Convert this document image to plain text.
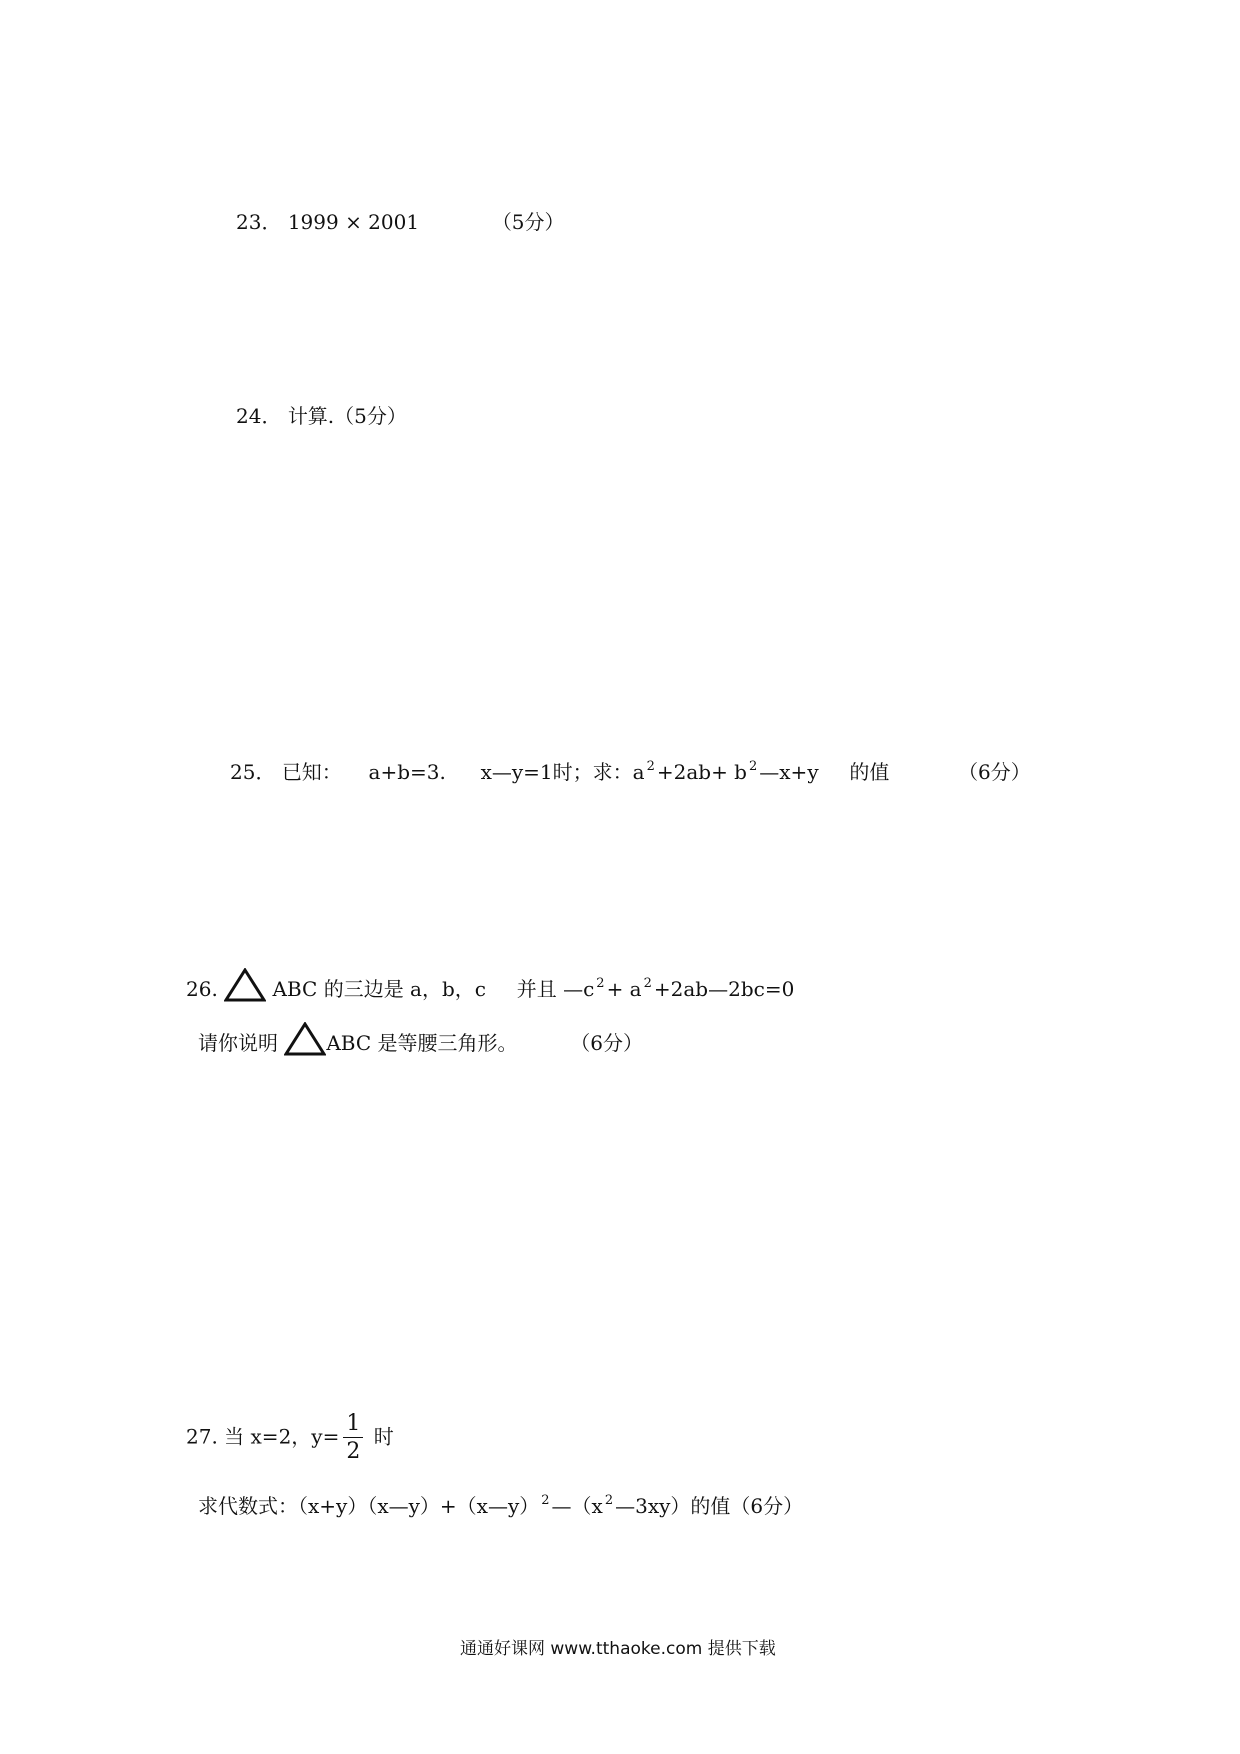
23． 1999 × 2001	（5分）
24． 计算.（5分）
25． 已知： a+b=3. x—y=1时；求：a $^2$ +2ab+ b $^2$ —x+y 的值	（6分）
26.	ABC 的三边是 a，b，c 并且 —c $^2$ + a $^2$ +2ab—2bc=0
请你说明 ABC 是等腰三角形。	（6分）
27. 当 x=2，$y= \frac{1}{2}$ 时
求代数式：（x+y）（x—y）+（x—y） $^2$ —（x $^2$ —3xy）的值（6分）
通通好课网 www.tthaoke.com 提供下载
